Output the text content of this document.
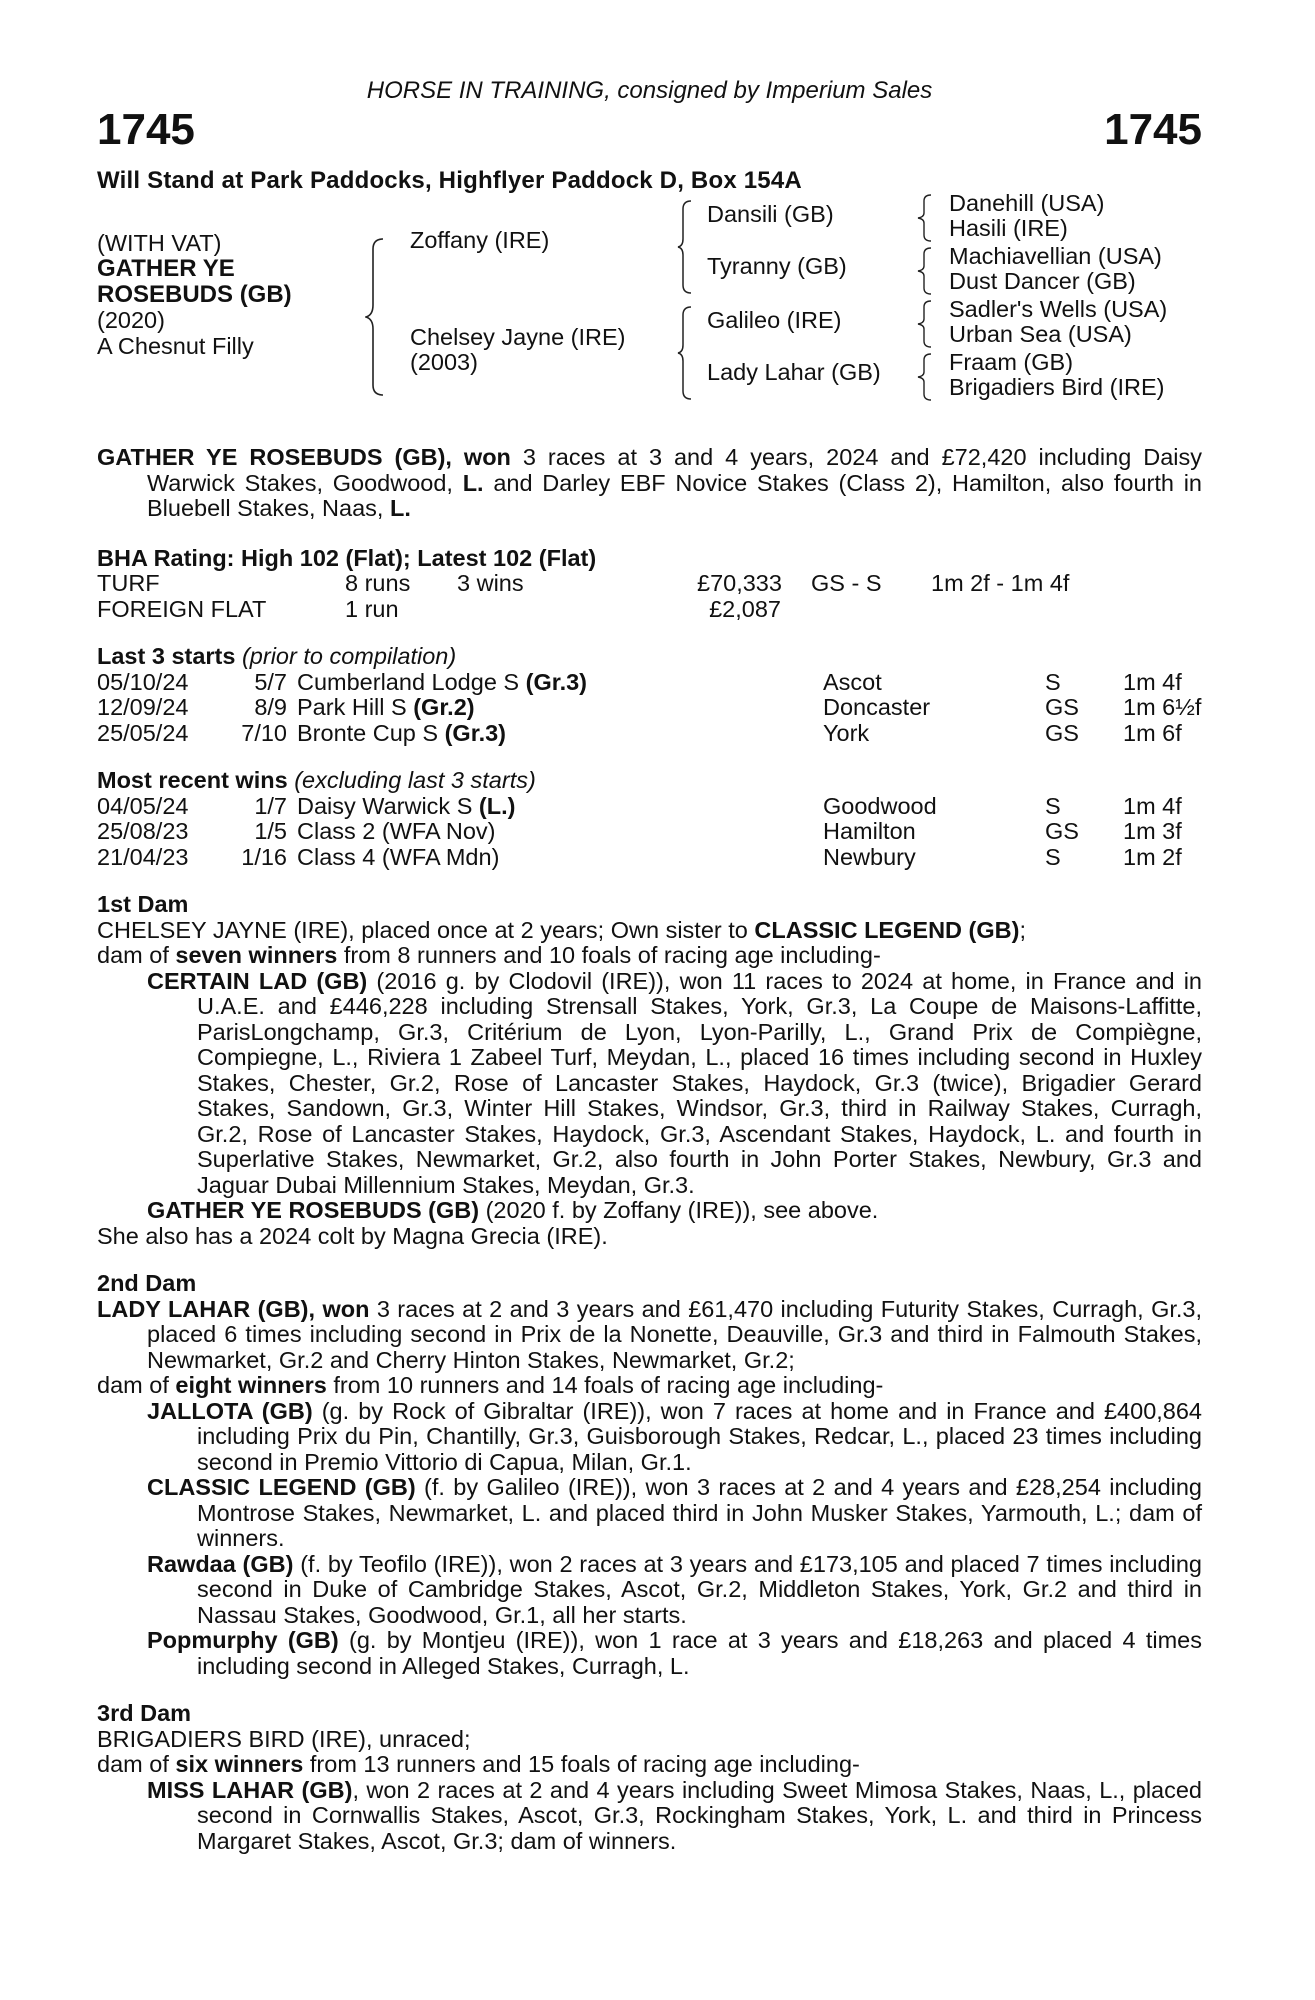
HORSE IN TRAINING, consigned by Imperium Sales
1745	1745
Will Stand at Park Paddocks, Highflyer Paddock D, Box 154A
(WITH VAT)
GATHER YE
ROSEBUDS (GB)
(2020)
A Chesnut Filly
Zoffany (IRE)
Chelsey Jayne (IRE)
(2003)
Dansili (GB)
Tyranny (GB)
Galileo (IRE)
Lady Lahar (GB)
Danehill (USA)
Hasili (IRE)
Machiavellian (USA)
Dust Dancer (GB)
Sadler's Wells (USA)
Urban Sea (USA)
Fraam (GB)
Brigadiers Bird (IRE)
GATHER YE ROSEBUDS (GB), won 3 races at 3 and 4 years, 2024 and £72,420 including Daisy Warwick Stakes, Goodwood, L. and Darley EBF Novice Stakes (Class 2), Hamilton, also fourth in Bluebell Stakes, Naas, L.
BHA Rating: High 102 (Flat); Latest 102 (Flat)
TURF	8 runs	3 wins	£70,333	GS - S	1m 2f - 1m 4f
FOREIGN FLAT	1 run	£2,087
Last 3 starts (prior to compilation)
05/10/24	5/7 Cumberland Lodge S (Gr.3)	Ascot	S	1m 4f
12/09/24	8/9 Park Hill S (Gr.2)	Doncaster	GS	1m 6½f
25/05/24	7/10 Bronte Cup S (Gr.3)	York	GS	1m 6f
Most recent wins (excluding last 3 starts)
04/05/24	1/7 Daisy Warwick S (L.)	Goodwood	S	1m 4f
25/08/23	1/5 Class 2 (WFA Nov)	Hamilton	GS	1m 3f
21/04/23	1/16 Class 4 (WFA Mdn)	Newbury	S	1m 2f
1st Dam
CHELSEY JAYNE (IRE), placed once at 2 years; Own sister to CLASSIC LEGEND (GB);
dam of seven winners from 8 runners and 10 foals of racing age including-
CERTAIN LAD (GB) (2016 g. by Clodovil (IRE)), won 11 races to 2024 at home, in France and in U.A.E. and £446,228 including Strensall Stakes, York, Gr.3, La Coupe de Maisons-Laffitte, ParisLongchamp, Gr.3, Critérium de Lyon, Lyon-Parilly, L., Grand Prix de Compiègne, Compiegne, L., Riviera 1 Zabeel Turf, Meydan, L., placed 16 times including second in Huxley Stakes, Chester, Gr.2, Rose of Lancaster Stakes, Haydock, Gr.3 (twice), Brigadier Gerard Stakes, Sandown, Gr.3, Winter Hill Stakes, Windsor, Gr.3, third in Railway Stakes, Curragh, Gr.2, Rose of Lancaster Stakes, Haydock, Gr.3, Ascendant Stakes, Haydock, L. and fourth in Superlative Stakes, Newmarket, Gr.2, also fourth in John Porter Stakes, Newbury, Gr.3 and Jaguar Dubai Millennium Stakes, Meydan, Gr.3.
GATHER YE ROSEBUDS (GB) (2020 f. by Zoffany (IRE)), see above.
She also has a 2024 colt by Magna Grecia (IRE).
2nd Dam
LADY LAHAR (GB), won 3 races at 2 and 3 years and £61,470 including Futurity Stakes, Curragh, Gr.3, placed 6 times including second in Prix de la Nonette, Deauville, Gr.3 and third in Falmouth Stakes, Newmarket, Gr.2 and Cherry Hinton Stakes, Newmarket, Gr.2;
dam of eight winners from 10 runners and 14 foals of racing age including-
JALLOTA (GB) (g. by Rock of Gibraltar (IRE)), won 7 races at home and in France and £400,864 including Prix du Pin, Chantilly, Gr.3, Guisborough Stakes, Redcar, L., placed 23 times including second in Premio Vittorio di Capua, Milan, Gr.1.
CLASSIC LEGEND (GB) (f. by Galileo (IRE)), won 3 races at 2 and 4 years and £28,254 including Montrose Stakes, Newmarket, L. and placed third in John Musker Stakes, Yarmouth, L.; dam of winners.
Rawdaa (GB) (f. by Teofilo (IRE)), won 2 races at 3 years and £173,105 and placed 7 times including second in Duke of Cambridge Stakes, Ascot, Gr.2, Middleton Stakes, York, Gr.2 and third in Nassau Stakes, Goodwood, Gr.1, all her starts.
Popmurphy (GB) (g. by Montjeu (IRE)), won 1 race at 3 years and £18,263 and placed 4 times including second in Alleged Stakes, Curragh, L.
3rd Dam
BRIGADIERS BIRD (IRE), unraced;
dam of six winners from 13 runners and 15 foals of racing age including-
MISS LAHAR (GB), won 2 races at 2 and 4 years including Sweet Mimosa Stakes, Naas, L., placed second in Cornwallis Stakes, Ascot, Gr.3, Rockingham Stakes, York, L. and third in Princess Margaret Stakes, Ascot, Gr.3; dam of winners.
